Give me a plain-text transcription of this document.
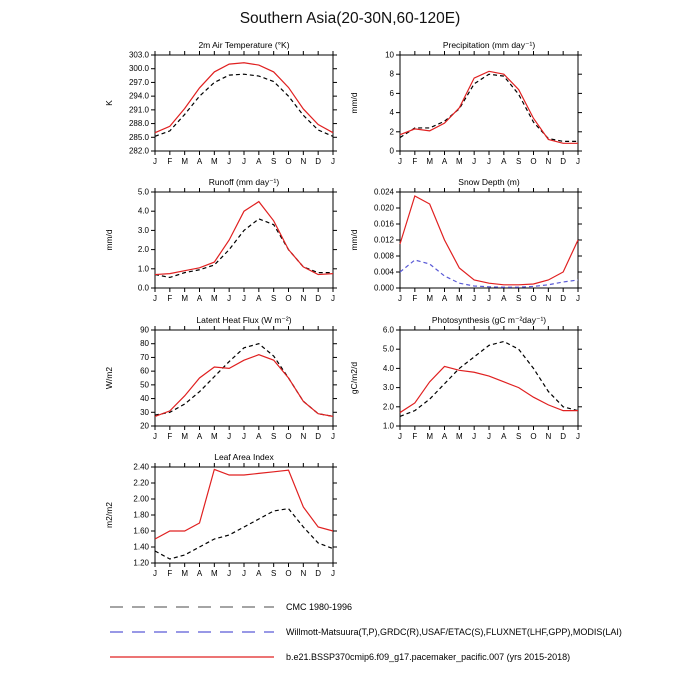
Southern Asia(20-30N,60-120E)
282.0
285.0
288.0
291.0
294.0
297.0
300.0
303.0
J F M A M J J A S O N D J
2m Air Temperature (°K)
K
0
2
4
6
8
10
J F M A M J J A S O N D J
Precipitation (mm day⁻¹)
mm/d
0.0
1.0
2.0
3.0
4.0
5.0
J F M A M J J A S O N D J
Runoff (mm day⁻¹)
mm/d
0.000
0.004
0.008
0.012
0.016
0.020
0.024
J F M A M J J A S O N D J
Snow Depth (m)
mm/d
20
30
40
50
60
70
80
90
J F M A M J J A S O N D J
Latent Heat Flux (W m⁻²)
W/m2
1.0
2.0
3.0
4.0
5.0
6.0
J F M A M J J A S O N D J
Photosynthesis (gC m⁻²day⁻¹)
gC/m2/d
1.20
1.40
1.60
1.80
2.00
2.20
2.40
J F M A M J J A S O N D J
Leaf Area Index
m2/m2
CMC 1980-1996
Willmott-Matsuura(T,P),GRDC(R),USAF/ETAC(S),FLUXNET(LHF,GPP),MODIS(LAI)
b.e21.BSSP370cmip6.f09_g17.pacemaker_pacific.007 (yrs 2015-2018)
